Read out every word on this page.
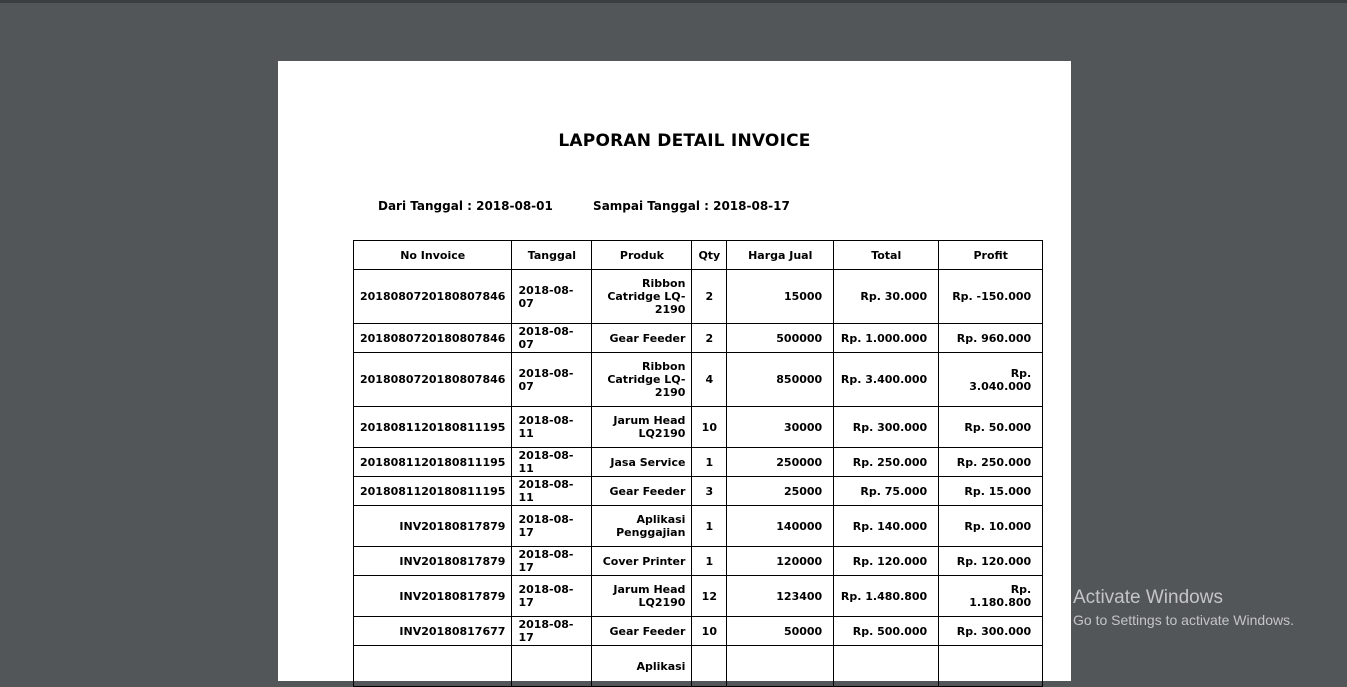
LAPORAN DETAIL INVOICE
Dari Tanggal : 2018-08-01	Sampai Tanggal : 2018-08-17
No Invoice	Tanggal	Produk	Qty	Harga Jual	Total	Profit
2018080720180807846	2018-08-07	Ribbon Catridge LQ-2190	2	15000	Rp. 30.000	Rp. -150.000
2018080720180807846	2018-08-07	Gear Feeder	2	500000	Rp. 1.000.000	Rp. 960.000
2018080720180807846	2018-08-07	Ribbon Catridge LQ-2190	4	850000	Rp. 3.400.000	Rp. 3.040.000
2018081120180811195	2018-08-11	Jarum Head LQ2190	10	30000	Rp. 300.000	Rp. 50.000
2018081120180811195	2018-08-11	Jasa Service	1	250000	Rp. 250.000	Rp. 250.000
2018081120180811195	2018-08-11	Gear Feeder	3	25000	Rp. 75.000	Rp. 15.000
INV20180817879	2018-08-17	Aplikasi Penggajian	1	140000	Rp. 140.000	Rp. 10.000
INV20180817879	2018-08-17	Cover Printer	1	120000	Rp. 120.000	Rp. 120.000
INV20180817879	2018-08-17	Jarum Head LQ2190	12	123400	Rp. 1.480.800	Rp. 1.180.800
INV20180817677	2018-08-17	Gear Feeder	10	50000	Rp. 500.000	Rp. 300.000
		Aplikasi				
Activate Windows
Go to Settings to activate Windows.
